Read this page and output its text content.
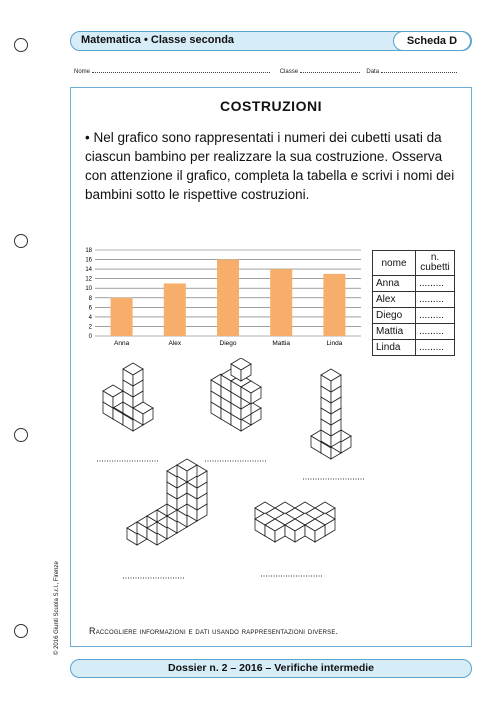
Matematica • Classe seconda	Scheda D
Nome	Classe	Data
COSTRUZIONI
• Nel grafico sono rappresentati i numeri dei cubetti usati da ciascun bambino per realizzare la sua costruzione. Osserva con attenzione il grafico, completa la tabella e scrivi i nomi dei bambini sotto le rispettive costruzioni.
0
2
4
6
8
10
12
14
16
18
Anna	Alex	Diego	Mattia	Linda
nome	n. cubetti
Anna	.........
Alex	.........
Diego	.........
Mattia	.........
Linda	.........
Raccogliere informazioni e dati usando rappresentazioni diverse.
Dossier n. 2 – 2016 – Verifiche intermedie
© 2016 Giunti Scuola S.r.l., Firenze
